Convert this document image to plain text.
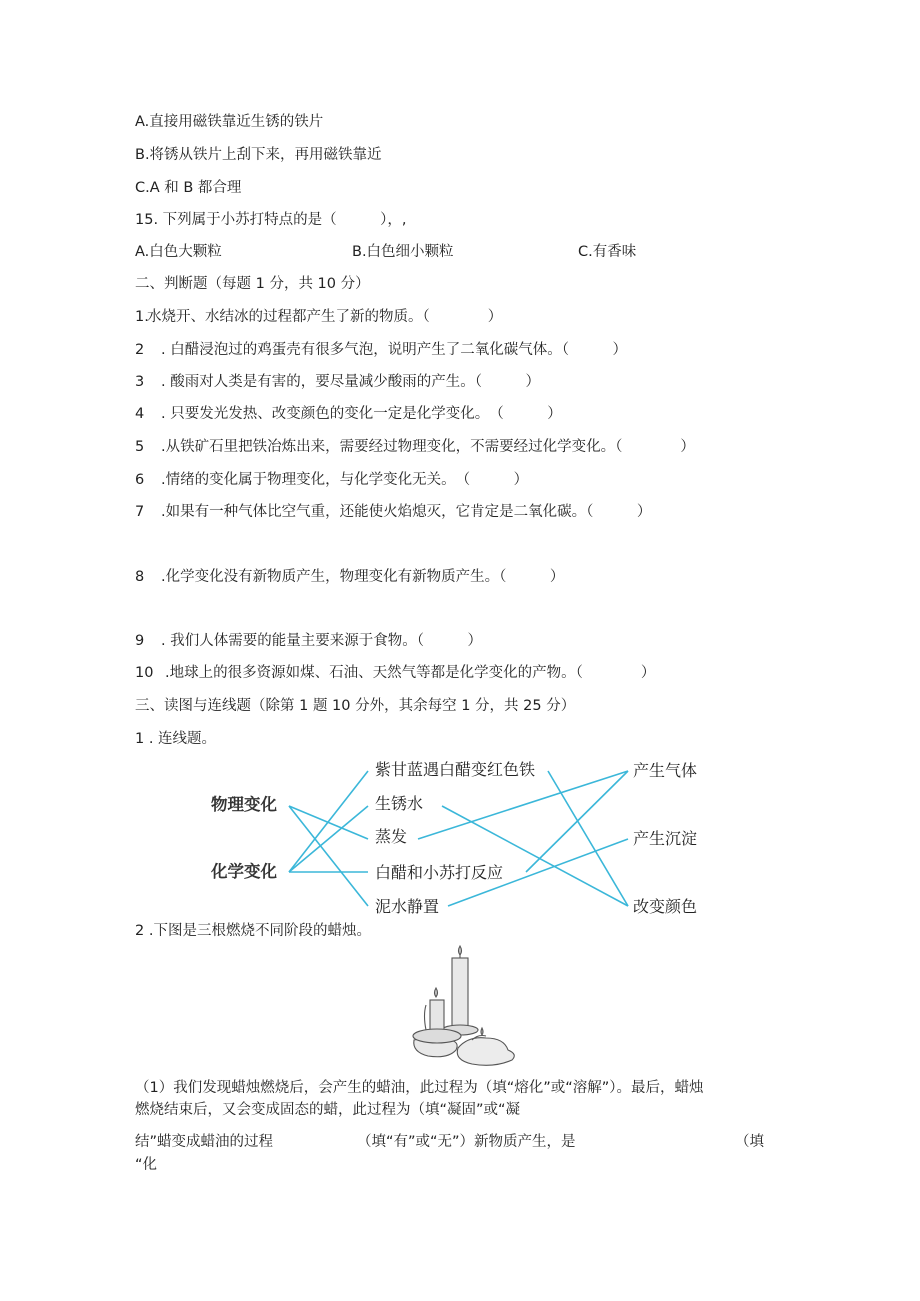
A.直接用磁铁靠近生锈的铁片
B.将锈从铁片上刮下来，再用磁铁靠近
C.A 和 B 都合理
15. 下列属于小苏打特点的是（　　　），,
A.白色大颗粒	B.白色细小颗粒	C.有香味
二、判断题（每题 1 分，共 10 分）
1.水烧开、水结冰的过程都产生了新的物质。（　　　　）
2 . 白醋浸泡过的鸡蛋壳有很多气泡，说明产生了二氧化碳气体。（　　　）
3 . 酸雨对人类是有害的，要尽量减少酸雨的产生。（　　　）
4 . 只要发光发热、改变颜色的变化一定是化学变化。　（　　　）
5 .从铁矿石里把铁冶炼出来，需要经过物理变化，不需要经过化学变化。（　　　　）
6 .情绪的变化属于物理变化，与化学变化无关。　（　　　）
7 .如果有一种气体比空气重，还能使火焰熄灭，它肯定是二氧化碳。（　　　）
8 .化学变化没有新物质产生，物理变化有新物质产生。（　　　）
9 . 我们人体需要的能量主要来源于食物。（　　　）
10 .地球上的很多资源如煤、石油、天然气等都是化学变化的产物。（　　　　）
三、读图与连线题（除第 1 题 10 分外，其余每空 1 分，共 25 分）
1 . 连线题。
物理变化
化学变化
紫甘蓝遇白醋变红色铁
生锈水
蒸发
白醋和小苏打反应
泥水静置
产生气体
产生沉淀
改变颜色
2 .下图是三根燃烧不同阶段的蜡烛。
（1）我们发现蜡烛燃烧后，会产生的蜡油，此过程为（填“熔化”或“溶解”）。最后，蜡烛
燃烧结束后，又会变成固态的蜡，此过程为（填“凝固”或“凝
结”蜡变成蜡油的过程	（填“有”或“无”）新物质产生，是	（填
“化
